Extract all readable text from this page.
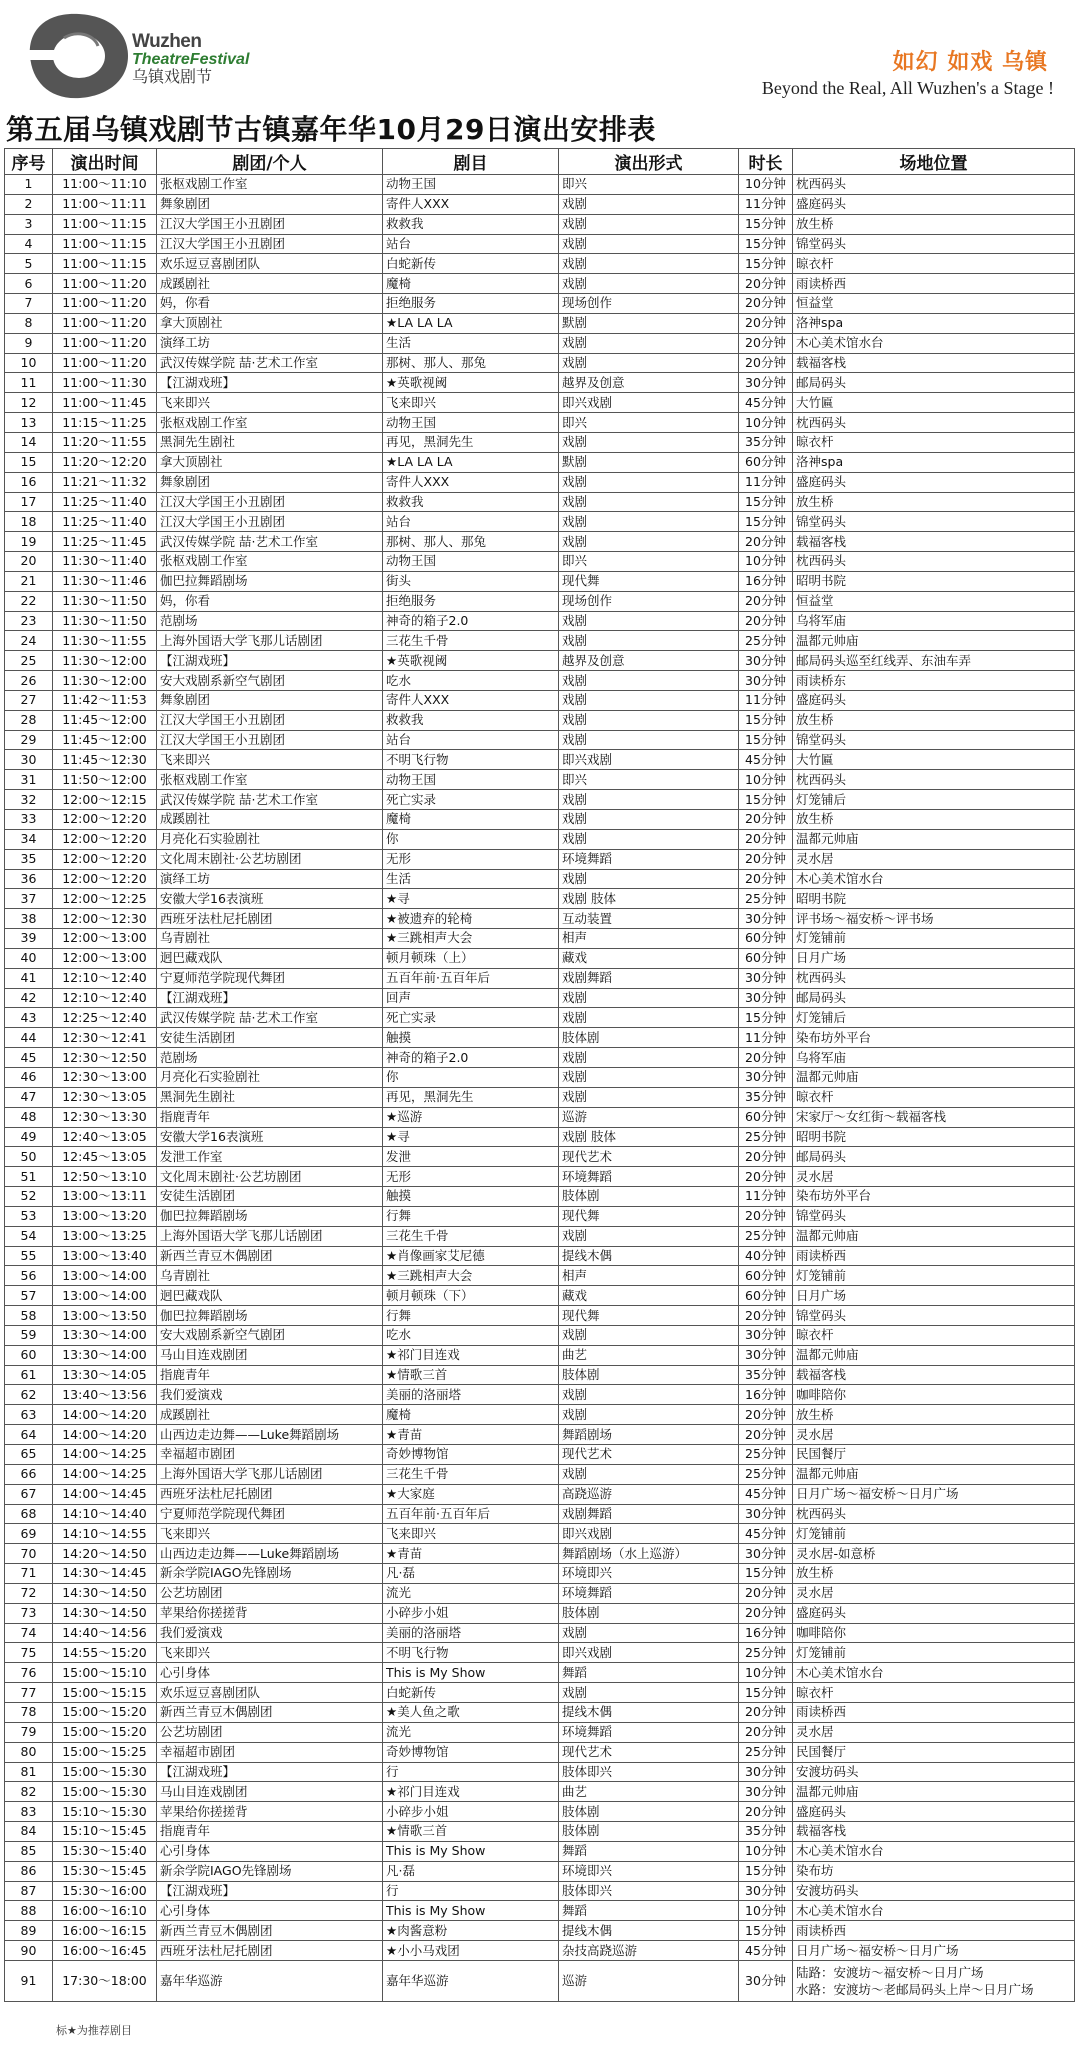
Wuzhen
TheatreFestival
乌镇戏剧节
如幻 如戏 乌镇
Beyond the Real, All Wuzhen's a Stage !
第五届乌镇戏剧节古镇嘉年华10月29日演出安排表
序号	演出时间	剧团/个人	剧目	演出形式	时长	场地位置
1	11:00～11:10	张枢戏剧工作室	动物王国	即兴	10分钟	枕西码头
2	11:00～11:11	舞象剧团	寄件人XXX	戏剧	11分钟	盛庭码头
3	11:00～11:15	江汉大学国王小丑剧团	救救我	戏剧	15分钟	放生桥
4	11:00～11:15	江汉大学国王小丑剧团	站台	戏剧	15分钟	锦堂码头
5	11:00～11:15	欢乐逗豆喜剧团队	白蛇新传	戏剧	15分钟	晾衣杆
6	11:00～11:20	成蹊剧社	魔椅	戏剧	20分钟	雨读桥西
7	11:00～11:20	妈，你看	拒绝服务	现场创作	20分钟	恒益堂
8	11:00～11:20	拿大顶剧社	★LA LA LA	默剧	20分钟	洛神spa
9	11:00～11:20	演绎工坊	生活	戏剧	20分钟	木心美术馆水台
10	11:00～11:20	武汉传媒学院 喆·艺术工作室	那树、那人、那兔	戏剧	20分钟	载福客栈
11	11:00～11:30	【江湖戏班】	★英歌视阈	越界及创意	30分钟	邮局码头
12	11:00～11:45	飞来即兴	飞来即兴	即兴戏剧	45分钟	大竹匾
13	11:15～11:25	张枢戏剧工作室	动物王国	即兴	10分钟	枕西码头
14	11:20～11:55	黑洞先生剧社	再见，黑洞先生	戏剧	35分钟	晾衣杆
15	11:20～12:20	拿大顶剧社	★LA LA LA	默剧	60分钟	洛神spa
16	11:21～11:32	舞象剧团	寄件人XXX	戏剧	11分钟	盛庭码头
17	11:25～11:40	江汉大学国王小丑剧团	救救我	戏剧	15分钟	放生桥
18	11:25～11:40	江汉大学国王小丑剧团	站台	戏剧	15分钟	锦堂码头
19	11:25～11:45	武汉传媒学院 喆·艺术工作室	那树、那人、那兔	戏剧	20分钟	载福客栈
20	11:30～11:40	张枢戏剧工作室	动物王国	即兴	10分钟	枕西码头
21	11:30～11:46	伽巴拉舞蹈剧场	街头	现代舞	16分钟	昭明书院
22	11:30～11:50	妈，你看	拒绝服务	现场创作	20分钟	恒益堂
23	11:30～11:50	范剧场	神奇的箱子2.0	戏剧	20分钟	乌将军庙
24	11:30～11:55	上海外国语大学飞那儿话剧团	三花生千骨	戏剧	25分钟	温都元帅庙
25	11:30～12:00	【江湖戏班】	★英歌视阈	越界及创意	30分钟	邮局码头巡至红线弄、东油车弄
26	11:30～12:00	安大戏剧系新空气剧团	吃水	戏剧	30分钟	雨读桥东
27	11:42～11:53	舞象剧团	寄件人XXX	戏剧	11分钟	盛庭码头
28	11:45～12:00	江汉大学国王小丑剧团	救救我	戏剧	15分钟	放生桥
29	11:45～12:00	江汉大学国王小丑剧团	站台	戏剧	15分钟	锦堂码头
30	11:45～12:30	飞来即兴	不明飞行物	即兴戏剧	45分钟	大竹匾
31	11:50～12:00	张枢戏剧工作室	动物王国	即兴	10分钟	枕西码头
32	12:00～12:15	武汉传媒学院 喆·艺术工作室	死亡实录	戏剧	15分钟	灯笼铺后
33	12:00～12:20	成蹊剧社	魔椅	戏剧	20分钟	放生桥
34	12:00～12:20	月亮化石实验剧社	你	戏剧	20分钟	温都元帅庙
35	12:00～12:20	文化周末剧社·公艺坊剧团	无形	环境舞蹈	20分钟	灵水居
36	12:00～12:20	演绎工坊	生活	戏剧	20分钟	木心美术馆水台
37	12:00～12:25	安徽大学16表演班	★寻	戏剧 肢体	25分钟	昭明书院
38	12:00～12:30	西班牙法杜尼托剧团	★被遗弃的轮椅	互动装置	30分钟	评书场～福安桥～评书场
39	12:00～13:00	乌青剧社	★三跳相声大会	相声	60分钟	灯笼铺前
40	12:00～13:00	迥巴藏戏队	顿月顿珠（上）	藏戏	60分钟	日月广场
41	12:10～12:40	宁夏师范学院现代舞团	五百年前·五百年后	戏剧舞蹈	30分钟	枕西码头
42	12:10～12:40	【江湖戏班】	回声	戏剧	30分钟	邮局码头
43	12:25～12:40	武汉传媒学院 喆·艺术工作室	死亡实录	戏剧	15分钟	灯笼铺后
44	12:30～12:41	安徒生活剧团	触摸	肢体剧	11分钟	染布坊外平台
45	12:30～12:50	范剧场	神奇的箱子2.0	戏剧	20分钟	乌将军庙
46	12:30～13:00	月亮化石实验剧社	你	戏剧	30分钟	温都元帅庙
47	12:30～13:05	黑洞先生剧社	再见，黑洞先生	戏剧	35分钟	晾衣杆
48	12:30～13:30	指鹿青年	★巡游	巡游	60分钟	宋家厅～女红街～载福客栈
49	12:40～13:05	安徽大学16表演班	★寻	戏剧 肢体	25分钟	昭明书院
50	12:45～13:05	发泄工作室	发泄	现代艺术	20分钟	邮局码头
51	12:50～13:10	文化周末剧社·公艺坊剧团	无形	环境舞蹈	20分钟	灵水居
52	13:00～13:11	安徒生活剧团	触摸	肢体剧	11分钟	染布坊外平台
53	13:00～13:20	伽巴拉舞蹈剧场	行舞	现代舞	20分钟	锦堂码头
54	13:00～13:25	上海外国语大学飞那儿话剧团	三花生千骨	戏剧	25分钟	温都元帅庙
55	13:00～13:40	新西兰青豆木偶剧团	★肖像画家艾尼德	提线木偶	40分钟	雨读桥西
56	13:00～14:00	乌青剧社	★三跳相声大会	相声	60分钟	灯笼铺前
57	13:00～14:00	迥巴藏戏队	顿月顿珠（下）	藏戏	60分钟	日月广场
58	13:00～13:50	伽巴拉舞蹈剧场	行舞	现代舞	20分钟	锦堂码头
59	13:30～14:00	安大戏剧系新空气剧团	吃水	戏剧	30分钟	晾衣杆
60	13:30～14:00	马山目连戏剧团	★祁门目连戏	曲艺	30分钟	温都元帅庙
61	13:30～14:05	指鹿青年	★情歌三首	肢体剧	35分钟	载福客栈
62	13:40～13:56	我们爱演戏	美丽的洛丽塔	戏剧	16分钟	咖啡陪你
63	14:00～14:20	成蹊剧社	魔椅	戏剧	20分钟	放生桥
64	14:00～14:20	山西边走边舞——Luke舞蹈剧场	★青苗	舞蹈剧场	20分钟	灵水居
65	14:00～14:25	幸福超市剧团	奇妙博物馆	现代艺术	25分钟	民国餐厅
66	14:00～14:25	上海外国语大学飞那儿话剧团	三花生千骨	戏剧	25分钟	温都元帅庙
67	14:00～14:45	西班牙法杜尼托剧团	★大家庭	高跷巡游	45分钟	日月广场～福安桥～日月广场
68	14:10～14:40	宁夏师范学院现代舞团	五百年前·五百年后	戏剧舞蹈	30分钟	枕西码头
69	14:10～14:55	飞来即兴	飞来即兴	即兴戏剧	45分钟	灯笼铺前
70	14:20～14:50	山西边走边舞——Luke舞蹈剧场	★青苗	舞蹈剧场（水上巡游）	30分钟	灵水居-如意桥
71	14:30～14:45	新余学院IAGO先锋剧场	凡·磊	环境即兴	15分钟	放生桥
72	14:30～14:50	公艺坊剧团	流光	环境舞蹈	20分钟	灵水居
73	14:30～14:50	苹果给你搓搓背	小碎步小姐	肢体剧	20分钟	盛庭码头
74	14:40～14:56	我们爱演戏	美丽的洛丽塔	戏剧	16分钟	咖啡陪你
75	14:55～15:20	飞来即兴	不明飞行物	即兴戏剧	25分钟	灯笼铺前
76	15:00～15:10	心引身体	This is My Show	舞蹈	10分钟	木心美术馆水台
77	15:00～15:15	欢乐逗豆喜剧团队	白蛇新传	戏剧	15分钟	晾衣杆
78	15:00～15:20	新西兰青豆木偶剧团	★美人鱼之歌	提线木偶	20分钟	雨读桥西
79	15:00～15:20	公艺坊剧团	流光	环境舞蹈	20分钟	灵水居
80	15:00～15:25	幸福超市剧团	奇妙博物馆	现代艺术	25分钟	民国餐厅
81	15:00～15:30	【江湖戏班】	行	肢体即兴	30分钟	安渡坊码头
82	15:00～15:30	马山目连戏剧团	★祁门目连戏	曲艺	30分钟	温都元帅庙
83	15:10～15:30	苹果给你搓搓背	小碎步小姐	肢体剧	20分钟	盛庭码头
84	15:10～15:45	指鹿青年	★情歌三首	肢体剧	35分钟	载福客栈
85	15:30～15:40	心引身体	This is My Show	舞蹈	10分钟	木心美术馆水台
86	15:30～15:45	新余学院IAGO先锋剧场	凡·磊	环境即兴	15分钟	染布坊
87	15:30～16:00	【江湖戏班】	行	肢体即兴	30分钟	安渡坊码头
88	16:00～16:10	心引身体	This is My Show	舞蹈	10分钟	木心美术馆水台
89	16:00～16:15	新西兰青豆木偶剧团	★肉酱意粉	提线木偶	15分钟	雨读桥西
90	16:00～16:45	西班牙法杜尼托剧团	★小小马戏团	杂技高跷巡游	45分钟	日月广场～福安桥～日月广场
91	17:30～18:00	嘉年华巡游	嘉年华巡游	巡游	30分钟	陆路：安渡坊～福安桥～日月广场
水路：安渡坊～老邮局码头上岸～日月广场
标★为推荐剧目
